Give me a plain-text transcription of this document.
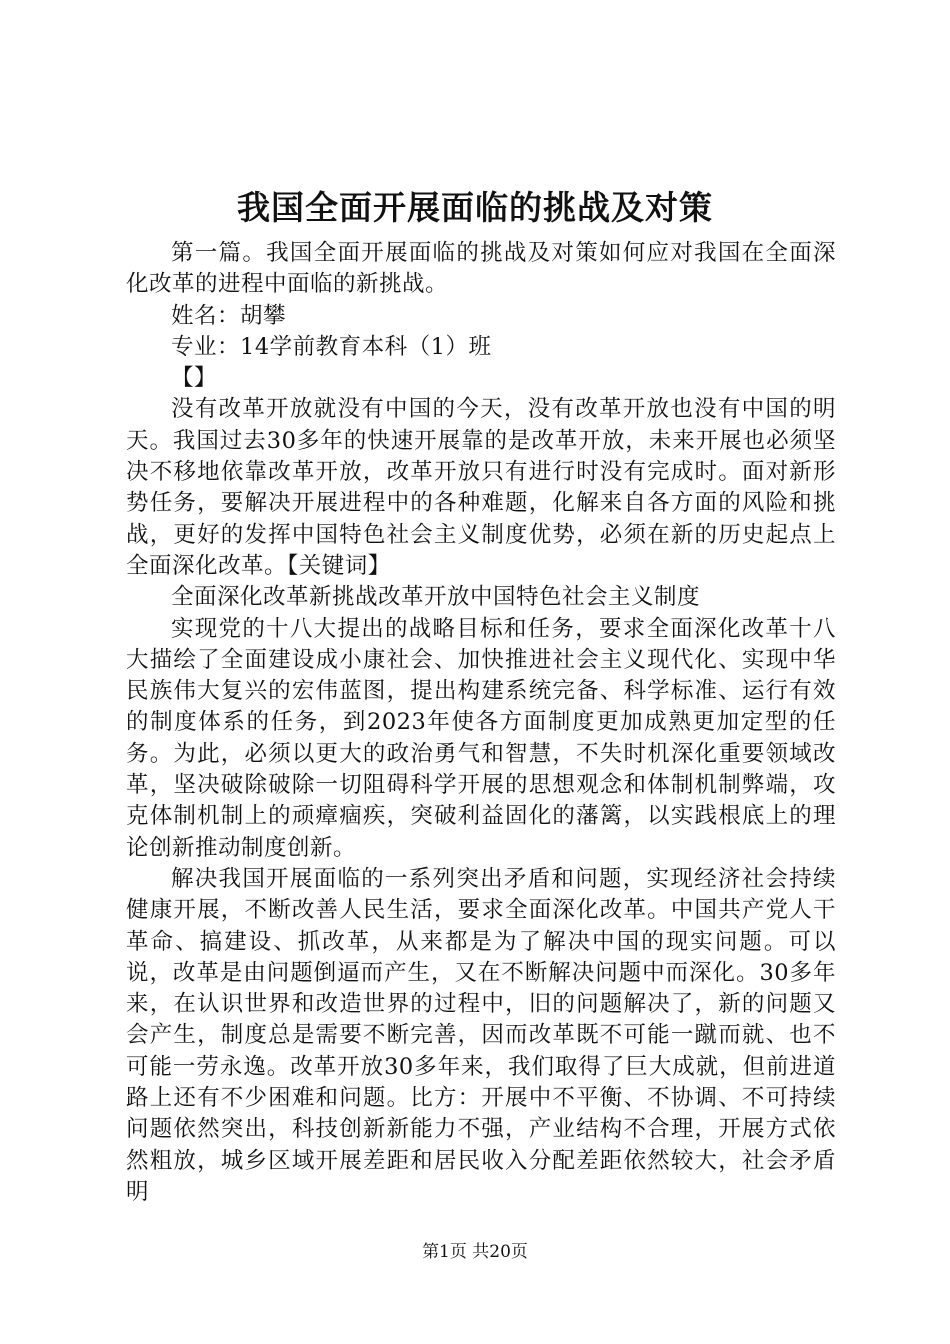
我国全面开展面临的挑战及对策

第一篇。我国全面开展面临的挑战及对策如何应对我国在全面深化改革的进程中面临的新挑战。

姓名：胡攀

专业：14学前教育本科（1）班

【】

没有改革开放就没有中国的今天，没有改革开放也没有中国的明天。我国过去30多年的快速开展靠的是改革开放，未来开展也必须坚决不移地依靠改革开放，改革开放只有进行时没有完成时。面对新形势任务，要解决开展进程中的各种难题，化解来自各方面的风险和挑战，更好的发挥中国特色社会主义制度优势，必须在新的历史起点上全面深化改革。【关键词】

全面深化改革新挑战改革开放中国特色社会主义制度

实现党的十八大提出的战略目标和任务，要求全面深化改革十八大描绘了全面建设成小康社会、加快推进社会主义现代化、实现中华民族伟大复兴的宏伟蓝图，提出构建系统完备、科学标准、运行有效的制度体系的任务，到2023年使各方面制度更加成熟更加定型的任务。为此，必须以更大的政治勇气和智慧，不失时机深化重要领域改革，坚决破除破除一切阻碍科学开展的思想观念和体制机制弊端，攻克体制机制上的顽瘴痼疾，突破利益固化的藩篱，以实践根底上的理论创新推动制度创新。

解决我国开展面临的一系列突出矛盾和问题，实现经济社会持续健康开展，不断改善人民生活，要求全面深化改革。中国共产党人干革命、搞建设、抓改革，从来都是为了解决中国的现实问题。可以说，改革是由问题倒逼而产生，又在不断解决问题中而深化。30多年来，在认识世界和改造世界的过程中，旧的问题解决了，新的问题又会产生，制度总是需要不断完善，因而改革既不可能一蹴而就、也不可能一劳永逸。改革开放30多年来，我们取得了巨大成就，但前进道路上还有不少困难和问题。比方：开展中不平衡、不协调、不可持续问题依然突出，科技创新新能力不强，产业结构不合理，开展方式依然粗放，城乡区域开展差距和居民收入分配差距依然较大，社会矛盾明

第1页 共20页
